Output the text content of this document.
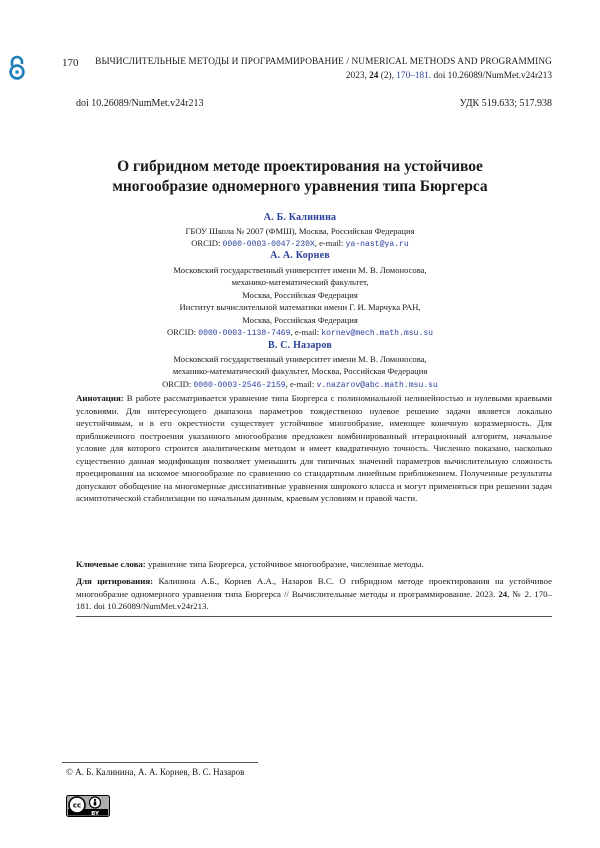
170 ВЫЧИСЛИТЕЛЬНЫЕ МЕТОДЫ И ПРОГРАММИРОВАНИЕ / NUMERICAL METHODS AND PROGRAMMING
2023, 24 (2), 170–181. doi 10.26089/NumMet.v24r213
doi 10.26089/NumMet.v24r213	УДК 519.633; 517.938
О гибридном методе проектирования на устойчивое
многообразие одномерного уравнения типа Бюргерса
А. Б. Калинина
ГБОУ Школа № 2007 (ФМШ), Москва, Российская Федерация
ORCID: 0000-0003-0047-230X, e-mail: ya-nast@ya.ru
А. А. Корнев
Московский государственный университет имени М. В. Ломоносова,
механико-математический факультет,
Москва, Российская Федерация
Институт вычислительной математики имени Г. И. Марчука РАН,
Москва, Российская Федерация
ORCID: 0000-0003-1138-7469, e-mail: kornev@mech.math.msu.su
В. С. Назаров
Московский государственный университет имени М. В. Ломоносова,
механико-математический факультет, Москва, Российская Федерация
ORCID: 0000-0003-2546-2159, e-mail: v.nazarov@abc.math.msu.su
Аннотация: В работе рассматривается уравнение типа Бюргерса с полиномиальной нелинейностью и нулевыми краевыми условиями. Для интересующего диапазона параметров тождественно нулевое решение задачи является локально неустойчивым, и в его окрестности существует устойчивое многообразие, имеющее конечную коразмерность. Для приближенного построения указанного многообразия предложен комбинированный итерационный алгоритм, начальное условие для которого строится аналитическим методом и имеет квадратичную точность. Численно показано, насколько существенно данная модификация позволяет уменьшить для типичных значений параметров вычислительную сложность проецирования на искомое многообразие по сравнению со стандартным линейным приближением. Полученные результаты допускают обобщение на многомерные диссипативные уравнения широкого класса и могут применяться при решении задач асимптотической стабилизации по начальным данным, краевым условиям и правой части.
Ключевые слова: уравнение типа Бюргерса, устойчивое многообразие, численные методы.
Для цитирования: Калинина А.Б., Корнев А.А., Назаров В.С. О гибридном методе проектирования на устойчивое многообразие одномерного уравнения типа Бюргерса // Вычислительные методы и программирование. 2023. 24, № 2. 170–181. doi 10.26089/NumMet.v24r213.
© А. Б. Калинина, А. А. Корнев, В. С. Назаров
cc
BY
